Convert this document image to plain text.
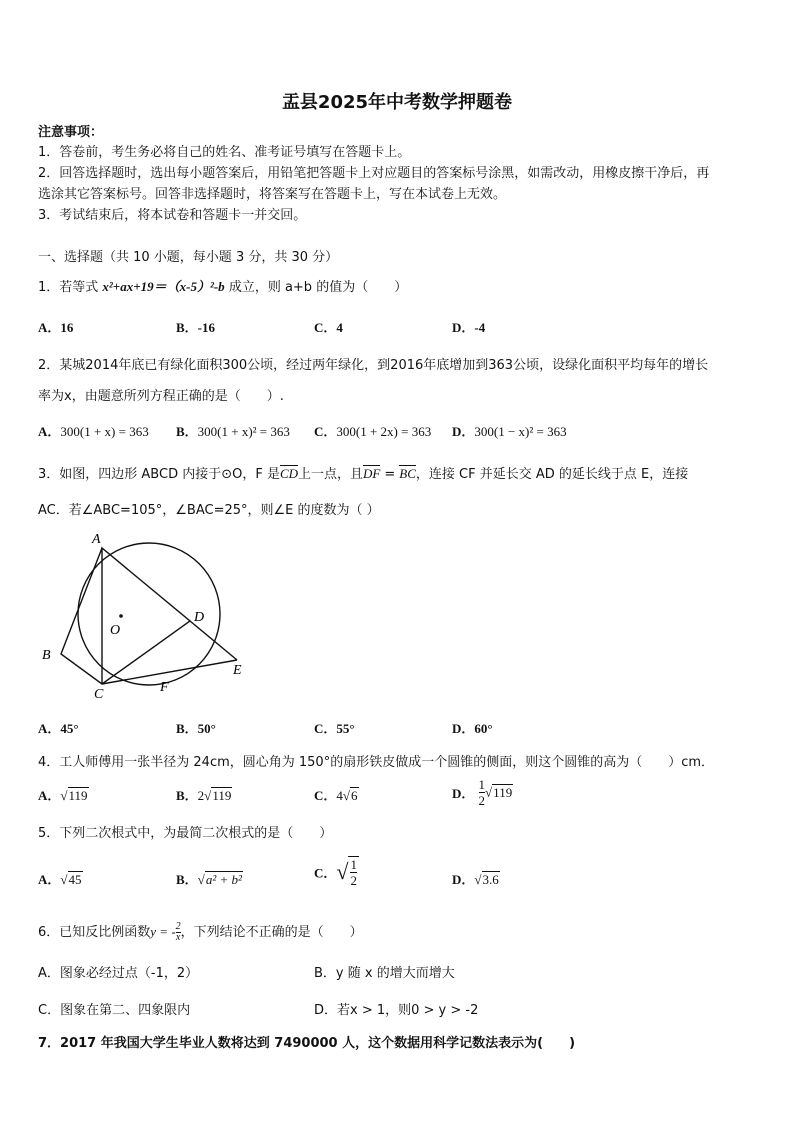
盂县2025年中考数学押题卷
注意事项：
1．答卷前，考生务必将自己的姓名、准考证号填写在答题卡上。
2．回答选择题时，选出每小题答案后，用铅笔把答题卡上对应题目的答案标号涂黑，如需改动，用橡皮擦干净后，再
选涂其它答案标号。回答非选择题时，将答案写在答题卡上，写在本试卷上无效。
3．考试结束后，将本试卷和答题卡一并交回。
一、选择题（共 10 小题，每小题 3 分，共 30 分）
1．若等式 x²+ax+19＝（x-5）²-b 成立，则 a+b 的值为（　　）
A．16	B．-16	C．4	D．-4
2．某城2014年底已有绿化面积300公顷，经过两年绿化，到2016年底增加到363公顷，设绿化面积平均每年的增长
率为x，由题意所列方程正确的是（　　）.
A．300(1 + x) = 363 B．300(1 + x)² = 363 C．300(1 + 2x) = 363 D．300(1 − x)² = 363
3．如图，四边形 ABCD 内接于⊙O，F 是CD上一点，且DF = BC，连接 CF 并延长交 AD 的延长线于点 E，连接
AC．若∠ABC=105°，∠BAC=25°，则∠E 的度数为（ ）
A
B
C
D
E
F
O
A．45°	B．50°	C．55°	D．60°
4．工人师傅用一张半径为 24cm，圆心角为 150°的扇形铁皮做成一个圆锥的侧面，则这个圆锥的高为（　　）cm．
A．√119	B．2√119	C．4√6	D． $\frac{1}{2} √119$
5．下列二次根式中，为最简二次根式的是（　　）
A．√45	B．√a² + b²	C．√ $\frac{1}{2}$	D．√3.6
6．已知反比例函数y = - $\frac{2}{x}$ ，下列结论不正确的是（　　）
A．图象必经过点（-1，2）	B．y 随 x 的增大而增大
C．图象在第二、四象限内	D．若x > 1，则0 > y > -2
7．2017 年我国大学生毕业人数将达到 7490000 人，这个数据用科学记数法表示为(　　)
